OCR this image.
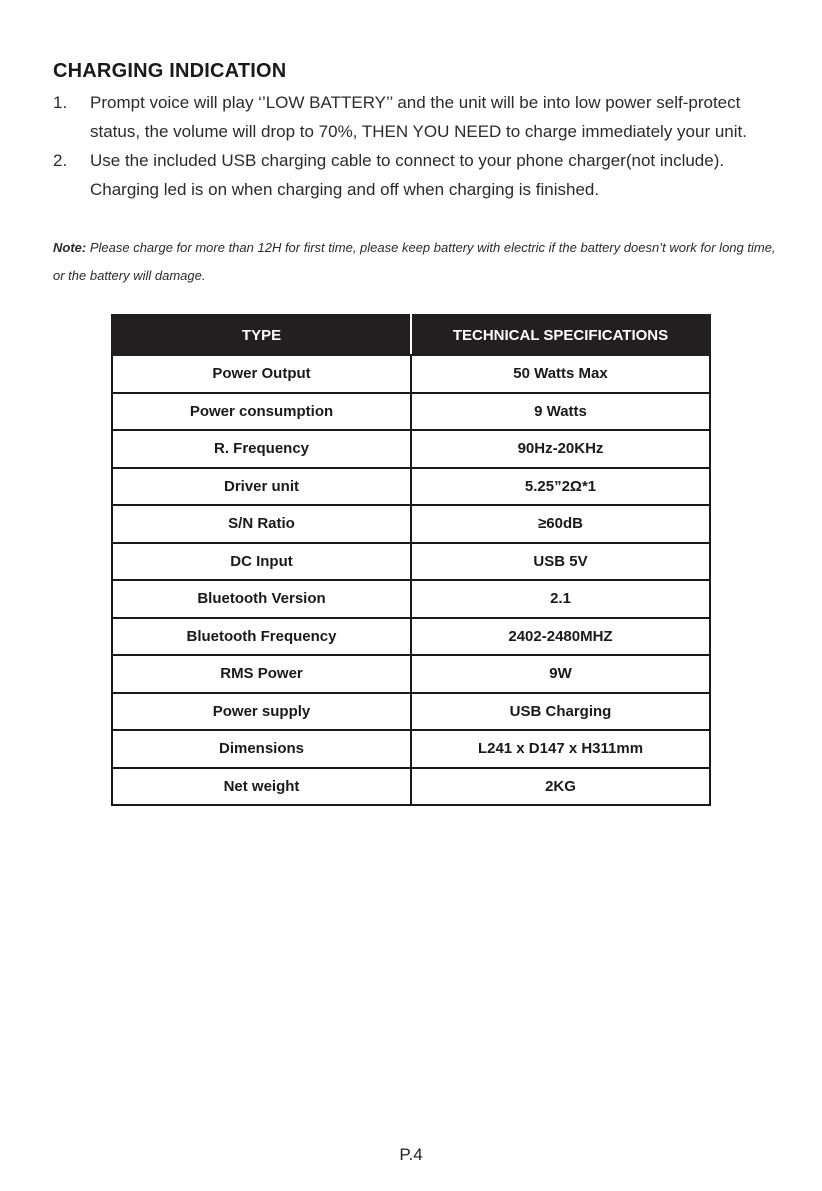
CHARGING INDICATION
1. Prompt voice will play ‘’LOW BATTERY’’ and the unit will be into low power self-protect status, the volume will drop to 70%, THEN YOU NEED to charge immediately your unit.
2. Use the included USB charging cable to connect to your phone charger(not include). Charging led is on when charging and off when charging is finished.
Note: Please charge for more than 12H for first time, please keep battery with electric if the battery doesn’t work for long time, or the battery will damage.
TYPE	TECHNICAL SPECIFICATIONS
Power Output	50 Watts Max
Power consumption	9 Watts
R. Frequency	90Hz-20KHz
Driver unit	5.25”2Ω*1
S/N Ratio	≥60dB
DC Input	USB 5V
Bluetooth Version	2.1
Bluetooth Frequency	2402-2480MHZ
RMS Power	9W
Power supply	USB Charging
Dimensions	L241 x D147 x H311mm
Net weight	2KG
P.4
